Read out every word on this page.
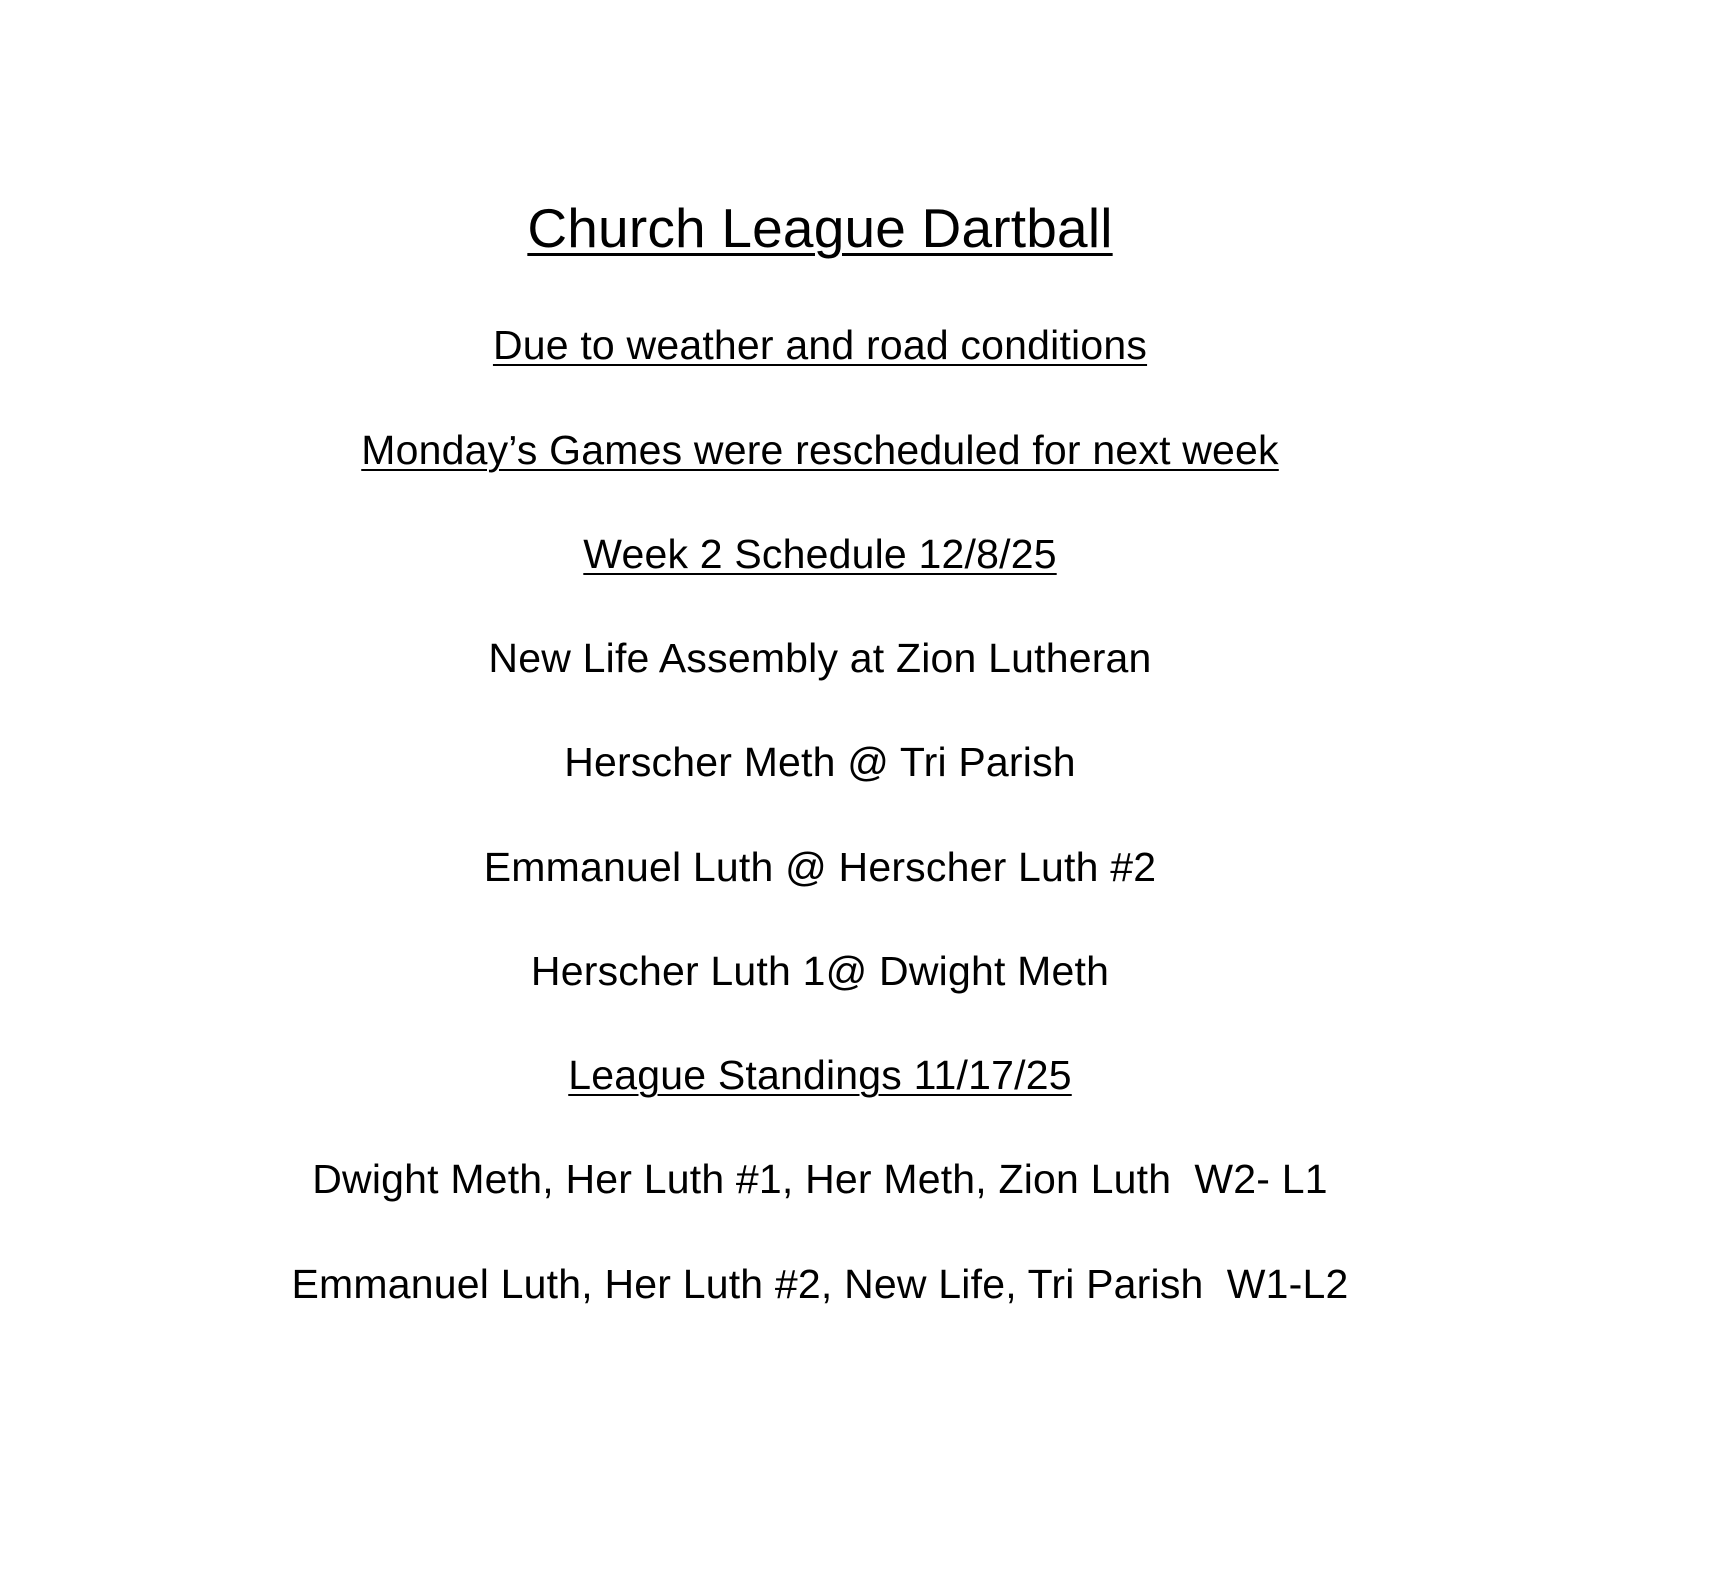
Church League Dartball
Due to weather and road conditions
Monday’s Games were rescheduled for next week
Week 2 Schedule 12/8/25
New Life Assembly at Zion Lutheran
Herscher Meth @ Tri Parish
Emmanuel Luth @ Herscher Luth #2
Herscher Luth 1@ Dwight Meth
League Standings 11/17/25
Dwight Meth, Her Luth #1, Her Meth, Zion Luth  W2- L1
Emmanuel Luth, Her Luth #2, New Life, Tri Parish  W1-L2
